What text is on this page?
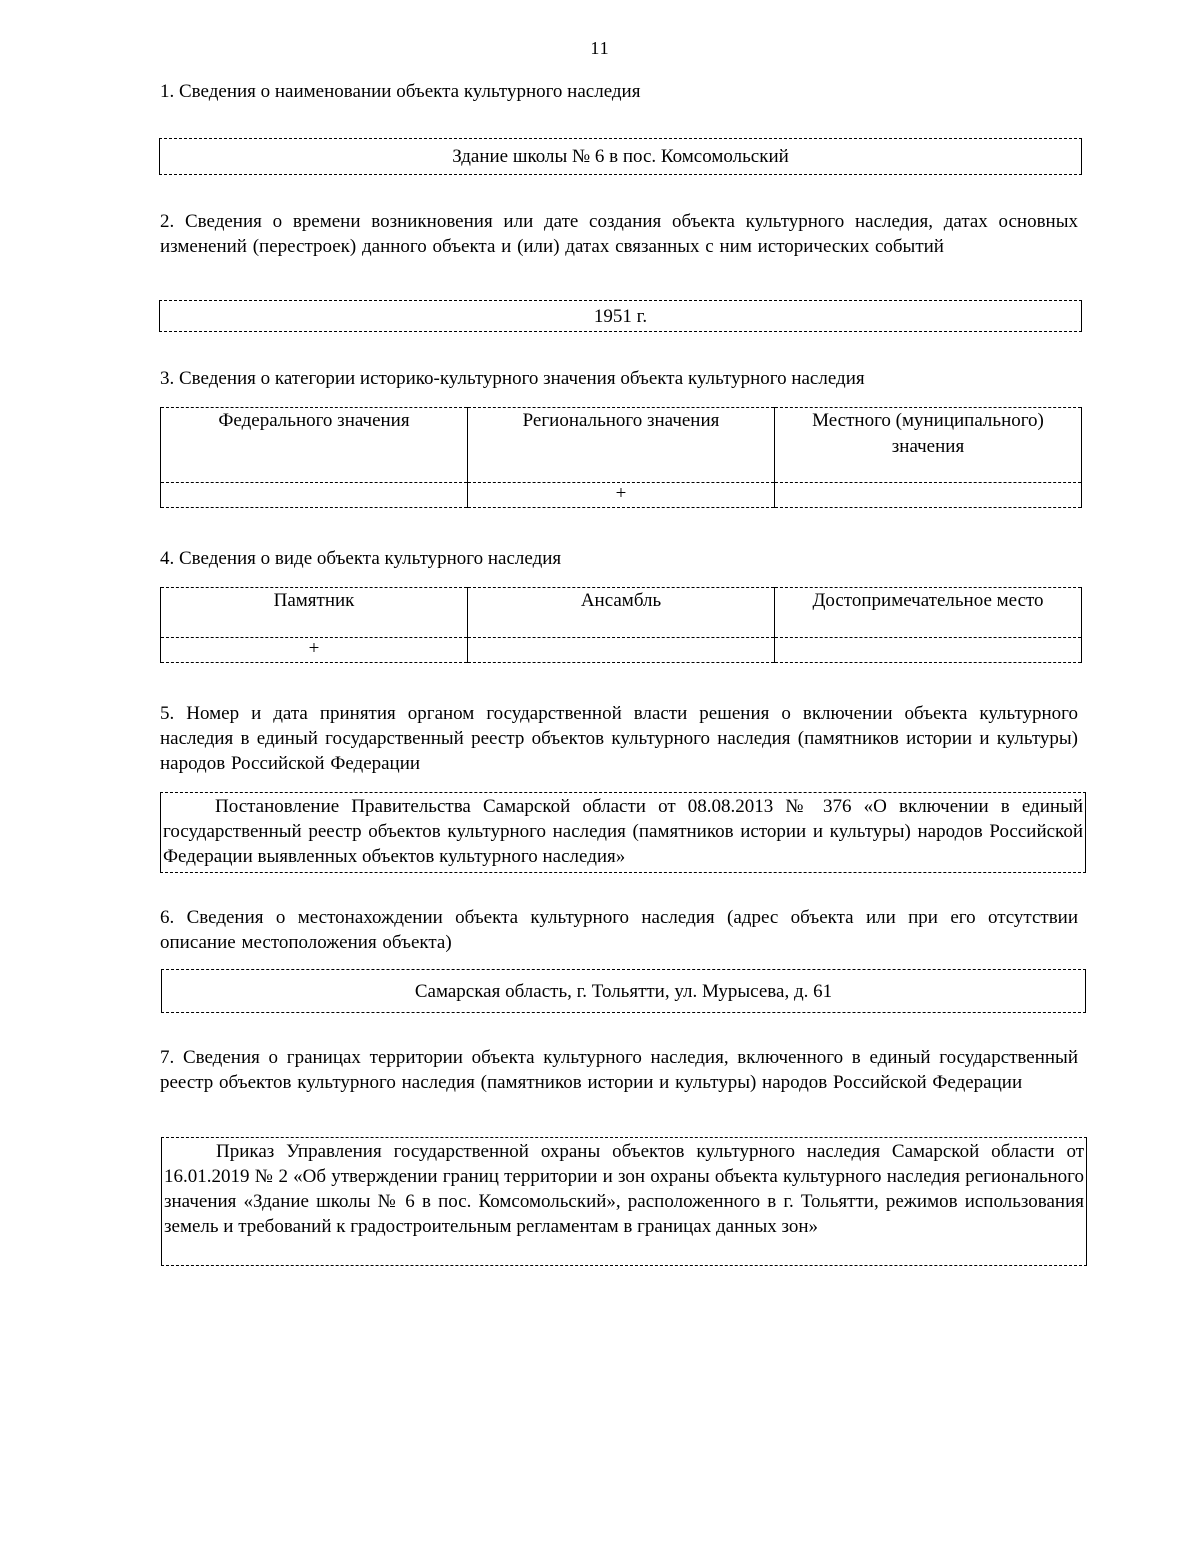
11

1. Сведения о наименовании объекта культурного наследия

Здание школы № 6 в пос. Комсомольский

2. Сведения о времени возникновения или дате создания объекта культурного наследия, датах основных изменений (перестроек) данного объекта и (или) датах связанных с ним исторических событий

1951 г.

3. Сведения о категории историко-культурного значения объекта культурного наследия

Федерального значения	Регионального значения	Местного (муниципального) значения
	+	

4. Сведения о виде объекта культурного наследия

Памятник	Ансамбль	Достопримечательное место
+		

5. Номер и дата принятия органом государственной власти решения о включении объекта культурного наследия в единый государственный реестр объектов культурного наследия (памятников истории и культуры) народов Российской Федерации

Постановление Правительства Самарской области от 08.08.2013 № 376 «О включении в единый государственный реестр объектов культурного наследия (памятников истории и культуры) народов Российской Федерации выявленных объектов культурного наследия»

6. Сведения о местонахождении объекта культурного наследия (адрес объекта или при его отсутствии описание местоположения объекта)

Самарская область, г. Тольятти, ул. Мурысева, д. 61

7. Сведения о границах территории объекта культурного наследия, включенного в единый государственный реестр объектов культурного наследия (памятников истории и культуры) народов Российской Федерации

Приказ Управления государственной охраны объектов культурного наследия Самарской области от 16.01.2019 № 2 «Об утверждении границ территории и зон охраны объекта культурного наследия регионального значения «Здание школы № 6 в пос. Комсомольский», расположенного в г. Тольятти, режимов использования земель и требований к градостроительным регламентам в границах данных зон»
